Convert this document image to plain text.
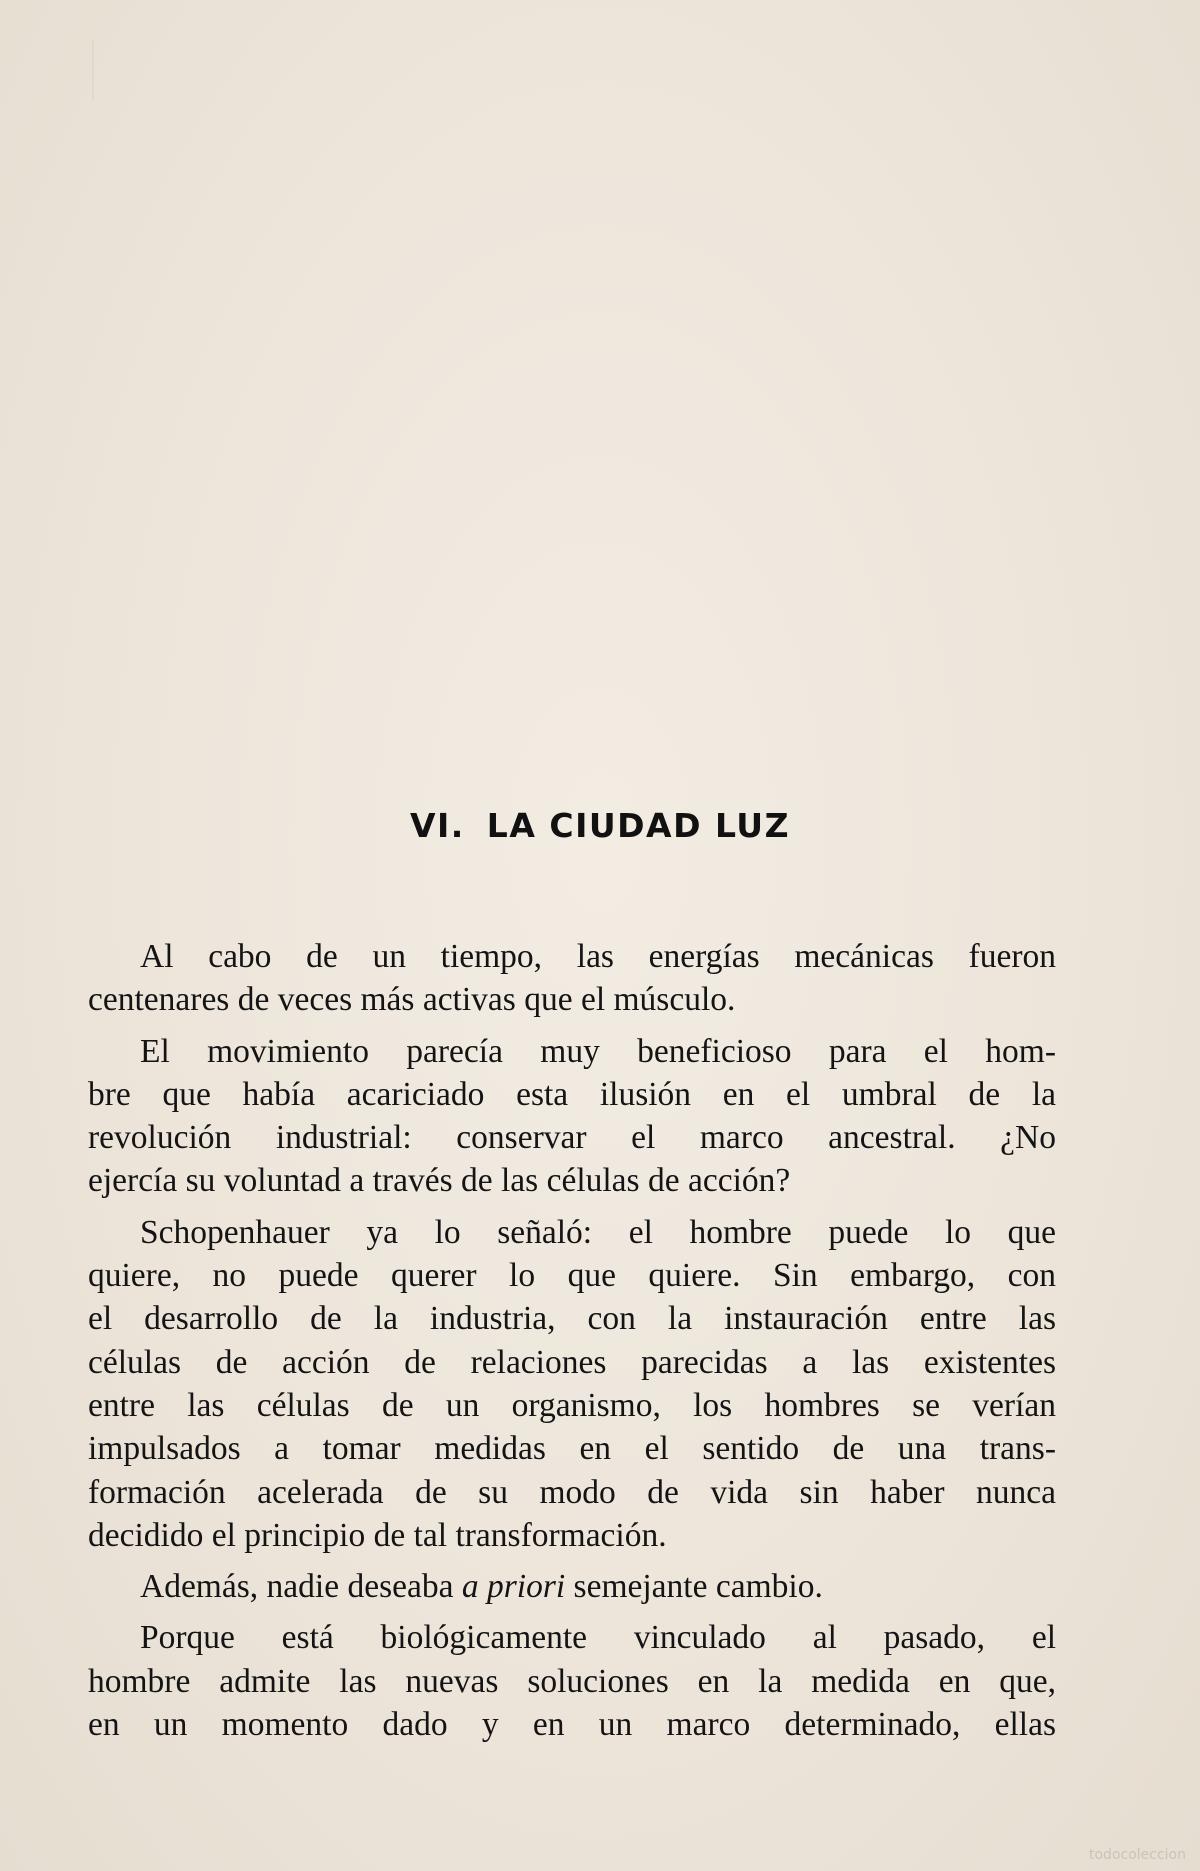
VI. LA CIUDAD LUZ
Al cabo de un tiempo, las energías mecánicas fueron
centenares de veces más activas que el músculo.
El movimiento parecía muy beneficioso para el hom-
bre que había acariciado esta ilusión en el umbral de la
revolución industrial: conservar el marco ancestral. ¿No
ejercía su voluntad a través de las células de acción?
Schopenhauer ya lo señaló: el hombre puede lo que
quiere, no puede querer lo que quiere. Sin embargo, con
el desarrollo de la industria, con la instauración entre las
células de acción de relaciones parecidas a las existentes
entre las células de un organismo, los hombres se verían
impulsados a tomar medidas en el sentido de una trans-
formación acelerada de su modo de vida sin haber nunca
decidido el principio de tal transformación.
Además, nadie deseaba a priori semejante cambio.
Porque está biológicamente vinculado al pasado, el
hombre admite las nuevas soluciones en la medida en que,
en un momento dado y en un marco determinado, ellas
todocoleccion
